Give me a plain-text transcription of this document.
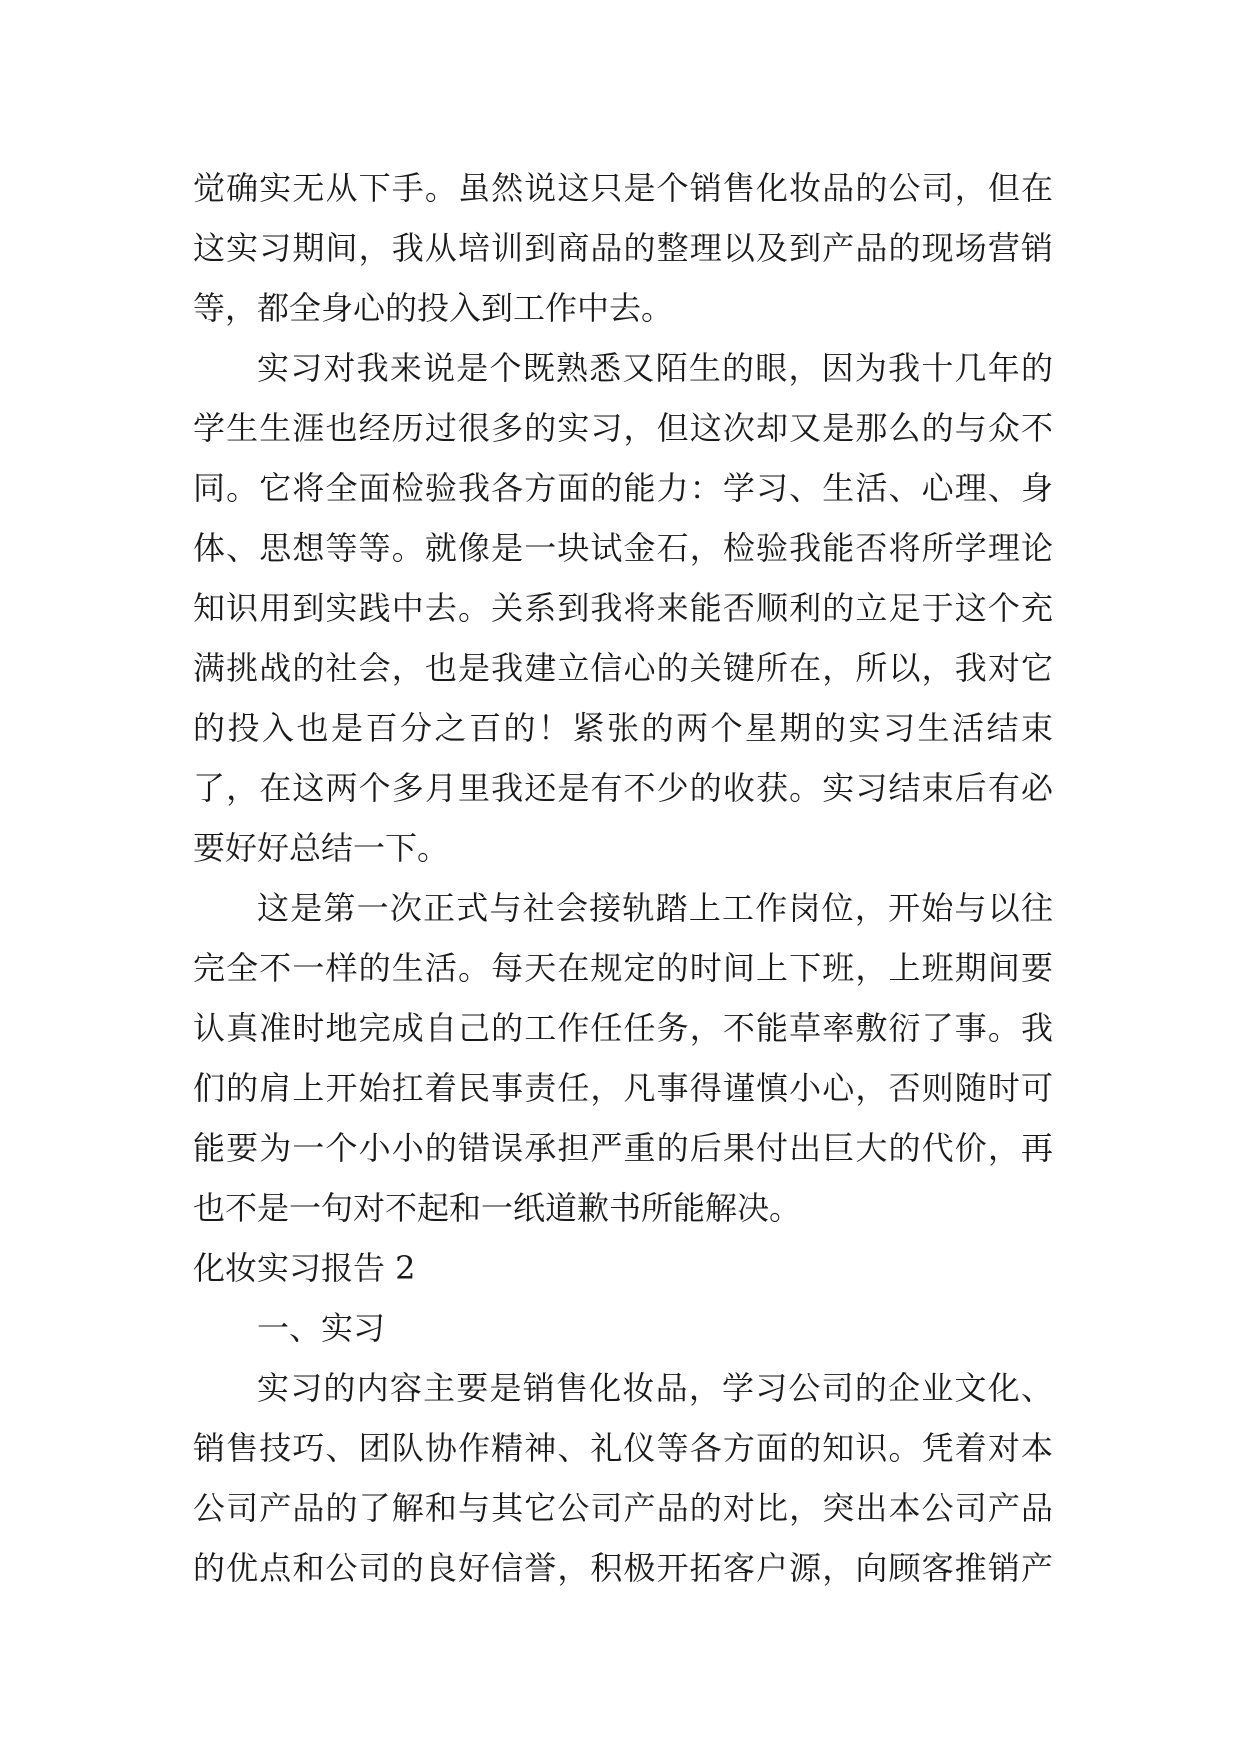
觉确实无从下手。虽然说这只是个销售化妆品的公司，但在
这实习期间，我从培训到商品的整理以及到产品的现场营销
等，都全身心的投入到工作中去。
实习对我来说是个既熟悉又陌生的眼，因为我十几年的
学生生涯也经历过很多的实习，但这次却又是那么的与众不
同。它将全面检验我各方面的能力：学习、生活、心理、身
体、思想等等。就像是一块试金石，检验我能否将所学理论
知识用到实践中去。关系到我将来能否顺利的立足于这个充
满挑战的社会，也是我建立信心的关键所在，所以，我对它
的投入也是百分之百的！紧张的两个星期的实习生活结束
了，在这两个多月里我还是有不少的收获。实习结束后有必
要好好总结一下。
这是第一次正式与社会接轨踏上工作岗位，开始与以往
完全不一样的生活。每天在规定的时间上下班，上班期间要
认真准时地完成自己的工作任任务，不能草率敷衍了事。我
们的肩上开始扛着民事责任，凡事得谨慎小心，否则随时可
能要为一个小小的错误承担严重的后果付出巨大的代价，再
也不是一句对不起和一纸道歉书所能解决。
化妆实习报告 2
一、实习
实习的内容主要是销售化妆品，学习公司的企业文化、
销售技巧、团队协作精神、礼仪等各方面的知识。凭着对本
公司产品的了解和与其它公司产品的对比，突出本公司产品
的优点和公司的良好信誉，积极开拓客户源，向顾客推销产
